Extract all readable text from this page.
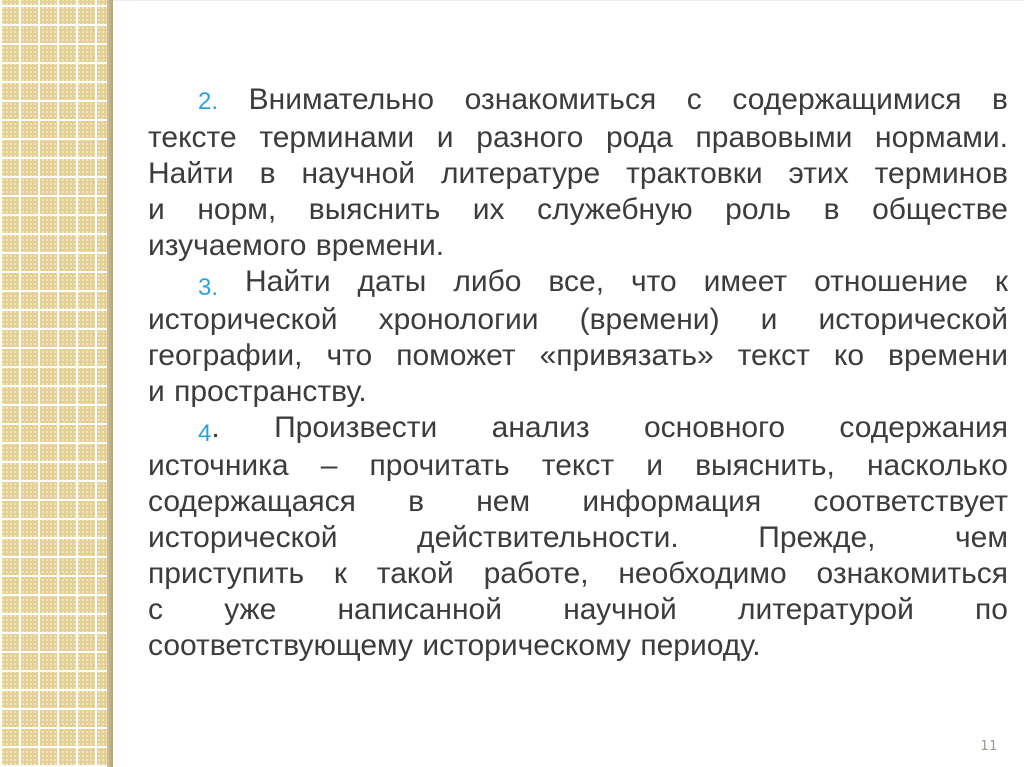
2. Внимательно ознакомиться с содержащимися в
тексте терминами и разного рода правовыми нормами.
Найти в научной литературе трактовки этих терминов
и норм, выяснить их служебную роль в обществе
изучаемого времени.
3. Найти даты либо все, что имеет отношение к
исторической хронологии (времени) и исторической
географии, что поможет «привязать» текст ко времени
и пространству.
4. Произвести анализ основного содержания
источника – прочитать текст и выяснить, насколько
содержащаяся в нем информация соответствует
исторической действительности. Прежде, чем
приступить к такой работе, необходимо ознакомиться
с уже написанной научной литературой по
соответствующему историческому периоду.
11
